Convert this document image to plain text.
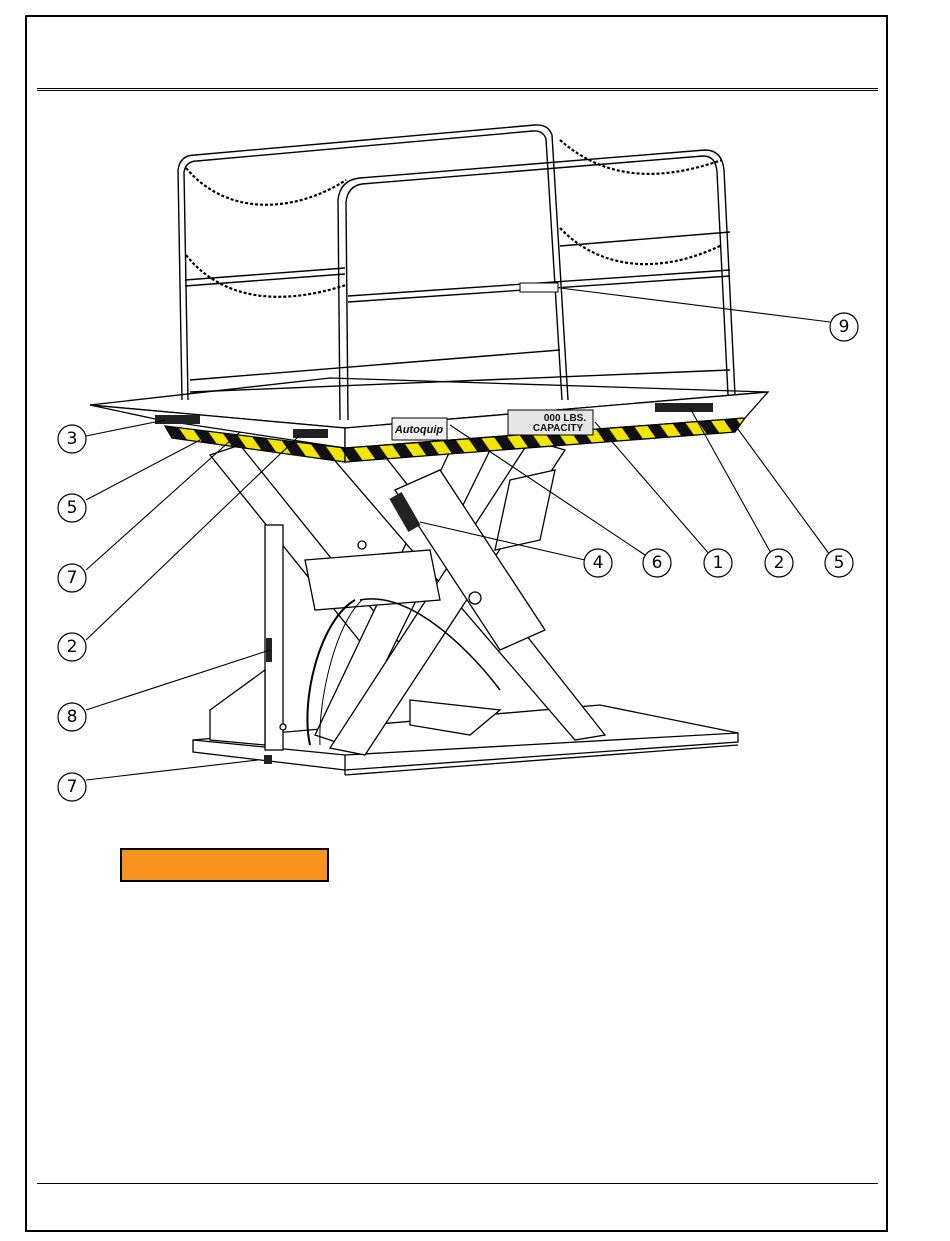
Autoquip
000 LBS.
CAPACITY
9
3
5
7
2
8
7
4	6	1	2	5
